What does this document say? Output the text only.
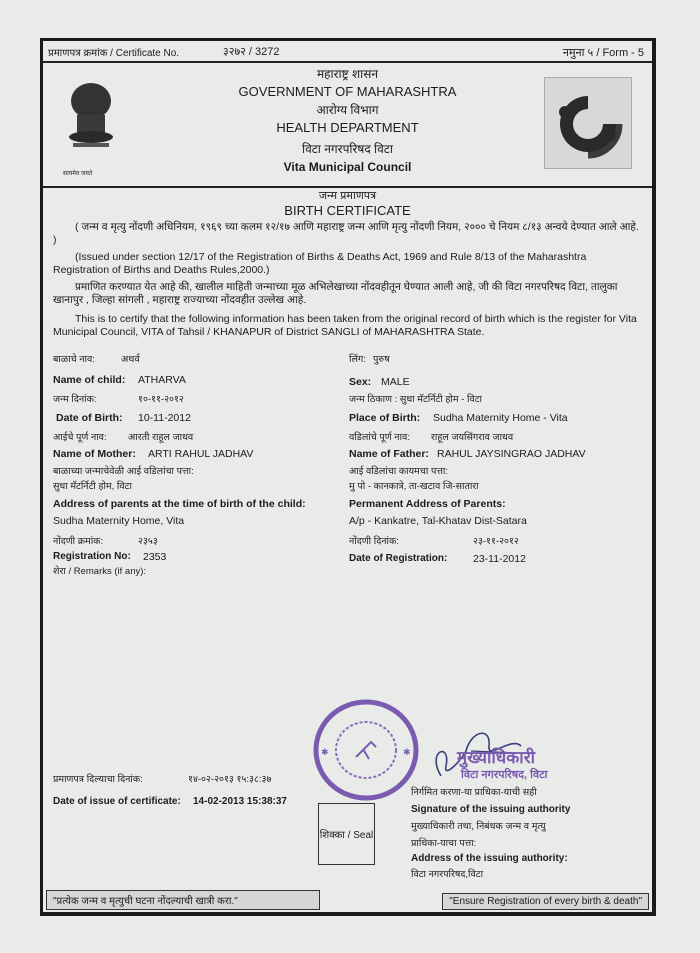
प्रमाणपत्र क्रमांक / Certificate No.	३२७२ / 3272	नमुना ५ / Form - 5
सत्यमेव जयते
महाराष्ट्र शासन
GOVERNMENT OF MAHARASHTRA
आरोग्य विभाग
HEALTH DEPARTMENT
विटा नगरपरिषद विटा
Vita Municipal Council
जन्म प्रमाणपत्र
BIRTH CERTIFICATE

( जन्म व मृत्यु नोंदणी अधिनियम, १९६९ च्या कलम १२/१७ आणि महाराष्ट्र जन्म आणि मृत्यु नोंदणी नियम, २००० चे नियम ८/१३ अन्वये देण्यात आले आहे. )

(Issued under section 12/17 of the Registration of Births & Deaths Act, 1969 and Rule 8/13 of the Maharashtra Registration of Births and Deaths Rules,2000.)

प्रमाणित करण्यात येत आहे की, खालील माहिती जन्माच्या मूळ अभिलेखाच्या नोंदवहीतून घेण्यात आली आहे, जी की विटा नगरपरिषद विटा, तालुका खानापुर , जिल्हा सांगली , महाराष्ट्र राज्याच्या नोंदवहीत उल्लेख आहे.

This is to certify that the following information has been taken from the original record of birth which is the register for Vita Municipal Council, VITA of Tahsil / KHANAPUR of District SANGLI of MAHARASHTRA State.

बाळाचे नाव:	अथर्व
Name of child: ATHARVA
जन्म दिनांक:	१०-११-२०१२
Date of Birth: 10-11-2012
आईचे पूर्ण नाव: आरती राहूल जाधव
Name of Mother: ARTI RAHUL JADHAV
बाळाच्या जन्माचेवेळी आई वडिलांचा पत्ता:
सुधा मॅटर्निटी होम, विटा
Address of parents at the time of birth of the child:
Sudha Maternity Home, Vita
नोंदणी क्रमांक:	२३५३
Registration No: 2353
शेरा / Remarks (if any):
लिंग: पुरुष
Sex: MALE
जन्म ठिकाण : सुधा मॅटर्निटी होम - विटा
Place of Birth: Sudha Maternity Home - Vita
वडिलांचे पूर्ण नाव: राहूल जयसिंगराव जाधव
Name of Father: RAHUL JAYSINGRAO JADHAV
आई वडिलांचा कायमचा पत्ता:
मु पो - कानकात्रे, ता-खटाव जि-सातारा
Permanent Address of Parents:
A/p - Kankatre, Tal-Khatav Dist-Satara
नोंदणी दिनांक:	२३-११-२०१२
Date of Registration: 23-11-2012
प्रमाणपत्र दिल्याचा दिनांक:	१४-०२-२०१३ १५:३८:३७
Date of issue of certificate: 14-02-2013 15:38:37
✱	✱
शिक्का / Seal
मुख्याधिकारी
विटा नगरपरिषद, विटा
निर्गमित करणा-या प्राधिका-याची सही
Signature of the issuing authority
मुख्याधिकारी तथा, निबंधक जन्म व मृत्यु
प्राधिका-याचा पत्ता:
Address of the issuing authority:
विटा नगरपरिषद,विटा
"प्रत्येक जन्म व मृत्युची घटना नोंदल्याची खात्री करा."	"Ensure Registration of every birth & death"
